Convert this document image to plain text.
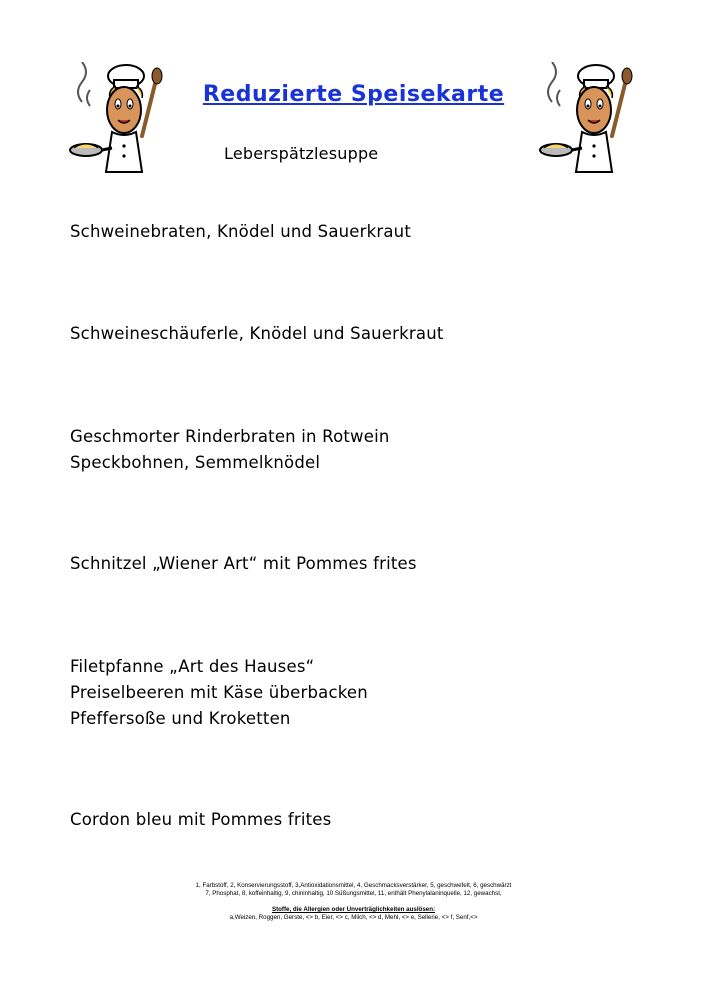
Reduzierte Speisekarte
Leberspätzlesuppe
Schweinebraten, Knödel und Sauerkraut
Schweineschäuferle, Knödel und Sauerkraut
Geschmorter Rinderbraten in Rotwein
Speckbohnen, Semmelknödel
Schnitzel „Wiener Art“ mit Pommes frites
Filetpfanne „Art des Hauses“
Preiselbeeren mit Käse überbacken
Pfeffersoße und Kroketten
Cordon bleu mit Pommes frites
1, Farbstoff, 2, Konservierungsstoff, 3,Antioxidationsmittel, 4, Geschmacksverstärker, 5, geschwefelt, 6, geschwärzt
7, Phosphat, 8, koffeinhaltig, 9, chininhaltig, 10 Süßungsmittel, 11, enthält Phenylalaninquelle, 12, gewachst,
Stoffe, die Allergien oder Unverträglichkeiten auslösen:
a,Weizen, Roggen, Gerste, <> b, Eier, <> c, Milch, <> d, Mehl, <> e, Sellerie, <> f, Senf,<>
